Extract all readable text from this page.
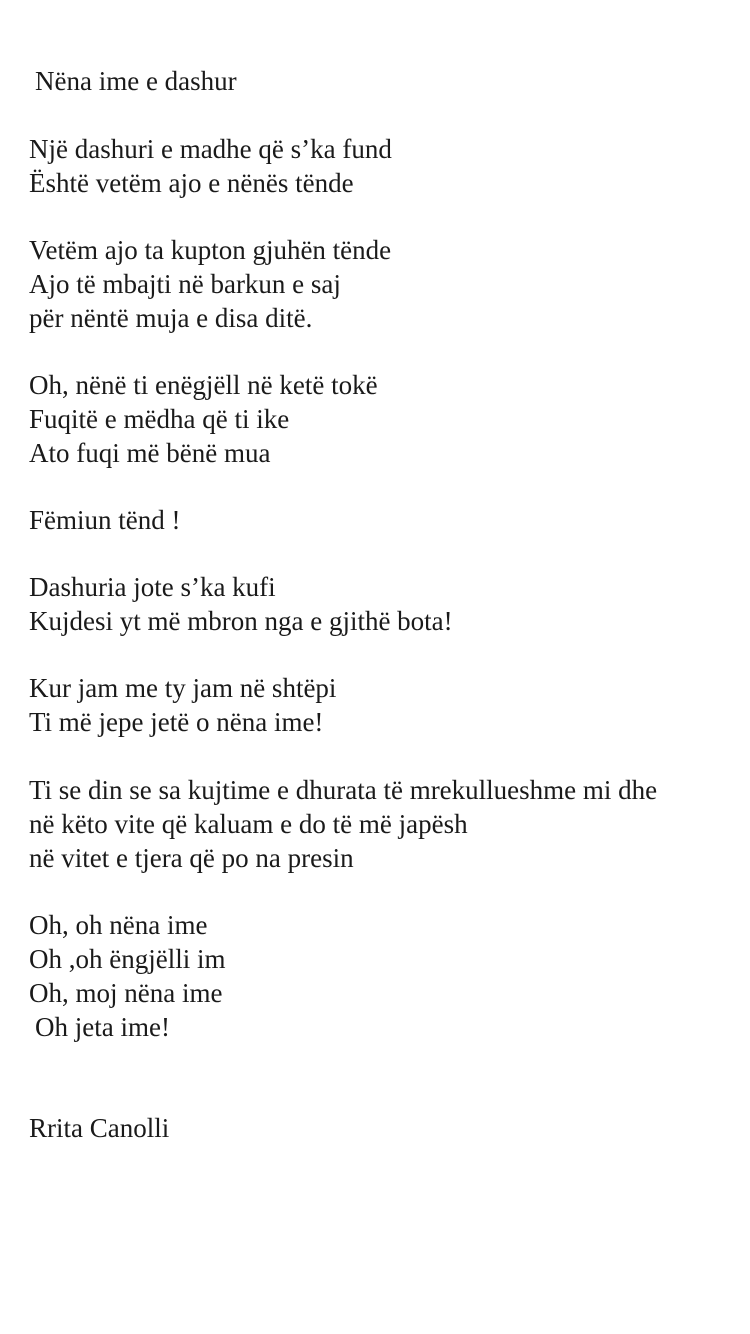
Nëna ime e dashur
Një dashuri e madhe që s’ka fund
Është vetëm ajo e nënës tënde
Vetëm ajo ta kupton gjuhën tënde
Ajo të mbajti në barkun e saj
për nëntë muja e disa ditë.
Oh, nënë ti enëgjëll në ketë tokë
Fuqitë e mëdha që ti ike
Ato fuqi më bënë mua
Fëmiun tënd !
Dashuria jote s’ka kufi
Kujdesi yt më mbron nga e gjithë bota!
Kur jam me ty jam në shtëpi
Ti më jepe jetë o nëna ime!
Ti se din se sa kujtime e dhurata të mrekullueshme mi dhe
në këto vite që kaluam e do të më japësh
në vitet e tjera që po na presin
Oh, oh nëna ime
Oh ,oh ëngjëlli im
Oh, moj nëna ime
Oh jeta ime!
Rrita Canolli
